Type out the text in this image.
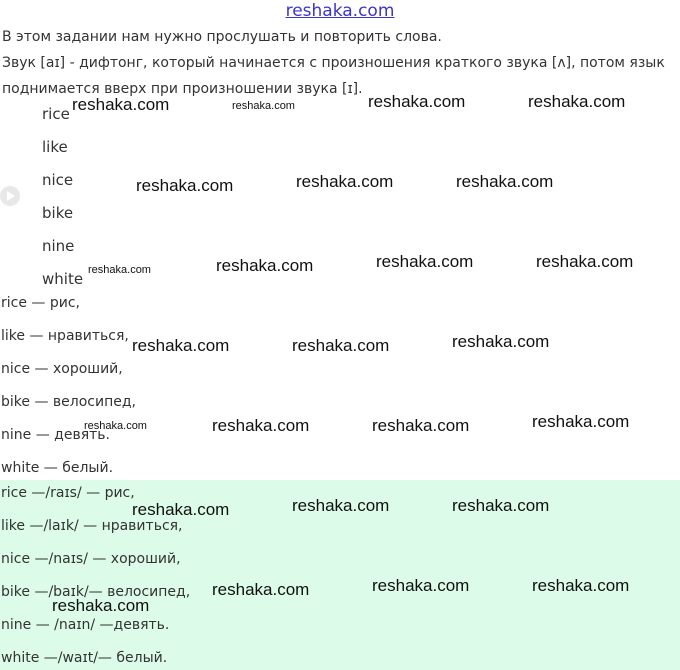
reshaka.com
В этом задании нам нужно прослушать и повторить слова.
Звук [aɪ] - дифтонг, который начинается с произношения краткого звука [ʌ], потом язык
поднимается вверх при произношении звука [ɪ].
rice
like
nice
bike
nine
white
rice — рис,
like — нравиться,
nice — хороший,
bike — велосипед,
nine — девять.
white — белый.
rice —/raɪs/ — рис,
like —/laɪk/ — нравиться,
nice —/naɪs/ — хороший,
bike —/baɪk/— велосипед,
nine — /naɪn/ —девять.
white —/waɪt/— белый.
reshaka.com	reshaka.com	reshaka.com	reshaka.com
reshaka.com	reshaka.com	reshaka.com
reshaka.com	reshaka.com	reshaka.com	reshaka.com
reshaka.com	reshaka.com	reshaka.com
reshaka.com	reshaka.com	reshaka.com	reshaka.com
reshaka.com	reshaka.com	reshaka.com
reshaka.com	reshaka.com	reshaka.com
reshaka.com
